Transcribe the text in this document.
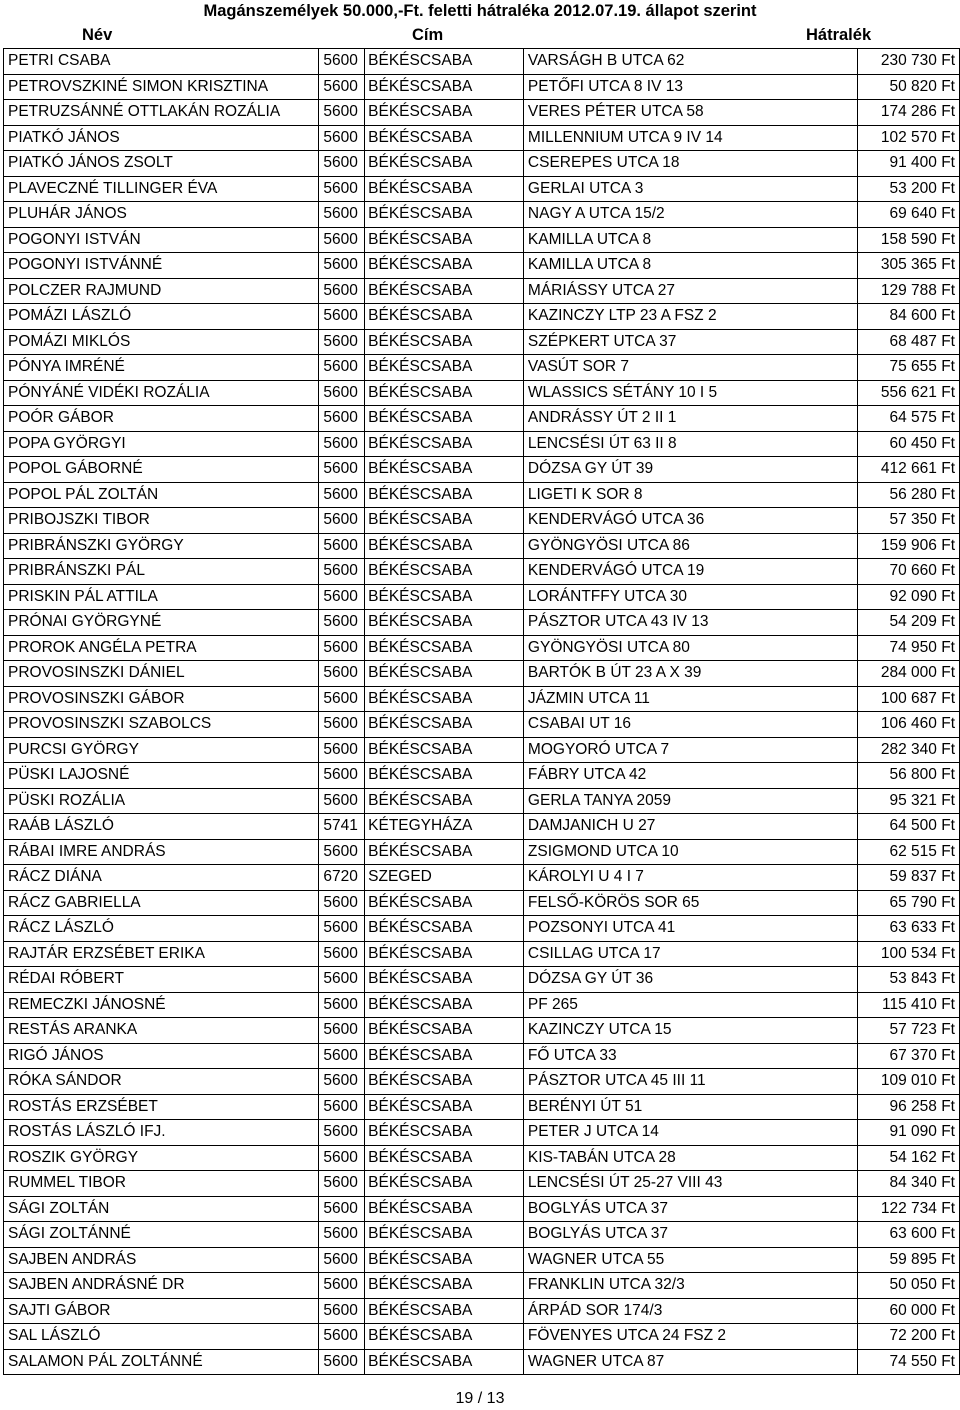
Magánszemélyek 50.000,-Ft. feletti hátraléka 2012.07.19. állapot szerint
Név	Cím	Hátralék
PETRI CSABA	5600	BÉKÉSCSABA	VARSÁGH B UTCA 62	230 730 Ft
PETROVSZKINÉ SIMON KRISZTINA	5600	BÉKÉSCSABA	PETŐFI UTCA 8 IV 13	50 820 Ft
PETRUZSÁNNÉ OTTLAKÁN ROZÁLIA	5600	BÉKÉSCSABA	VERES PÉTER UTCA 58	174 286 Ft
PIATKÓ JÁNOS	5600	BÉKÉSCSABA	MILLENNIUM UTCA 9 IV 14	102 570 Ft
PIATKÓ JÁNOS ZSOLT	5600	BÉKÉSCSABA	CSEREPES UTCA 18	91 400 Ft
PLAVECZNÉ TILLINGER ÉVA	5600	BÉKÉSCSABA	GERLAI UTCA 3	53 200 Ft
PLUHÁR JÁNOS	5600	BÉKÉSCSABA	NAGY A UTCA 15/2	69 640 Ft
POGONYI ISTVÁN	5600	BÉKÉSCSABA	KAMILLA UTCA 8	158 590 Ft
POGONYI ISTVÁNNÉ	5600	BÉKÉSCSABA	KAMILLA UTCA 8	305 365 Ft
POLCZER RAJMUND	5600	BÉKÉSCSABA	MÁRIÁSSY UTCA 27	129 788 Ft
POMÁZI LÁSZLÓ	5600	BÉKÉSCSABA	KAZINCZY LTP 23 A FSZ 2	84 600 Ft
POMÁZI MIKLÓS	5600	BÉKÉSCSABA	SZÉPKERT UTCA 37	68 487 Ft
PÓNYA IMRÉNÉ	5600	BÉKÉSCSABA	VASÚT SOR 7	75 655 Ft
PÓNYÁNÉ VIDÉKI ROZÁLIA	5600	BÉKÉSCSABA	WLASSICS SÉTÁNY 10 I 5	556 621 Ft
POÓR GÁBOR	5600	BÉKÉSCSABA	ANDRÁSSY ÚT 2 II 1	64 575 Ft
POPA GYÖRGYI	5600	BÉKÉSCSABA	LENCSÉSI ÚT 63 II 8	60 450 Ft
POPOL GÁBORNÉ	5600	BÉKÉSCSABA	DÓZSA GY ÚT 39	412 661 Ft
POPOL PÁL ZOLTÁN	5600	BÉKÉSCSABA	LIGETI K SOR 8	56 280 Ft
PRIBOJSZKI TIBOR	5600	BÉKÉSCSABA	KENDERVÁGÓ UTCA 36	57 350 Ft
PRIBRÁNSZKI GYÖRGY	5600	BÉKÉSCSABA	GYÖNGYÖSI UTCA 86	159 906 Ft
PRIBRÁNSZKI PÁL	5600	BÉKÉSCSABA	KENDERVÁGÓ UTCA 19	70 660 Ft
PRISKIN PÁL ATTILA	5600	BÉKÉSCSABA	LORÁNTFFY UTCA 30	92 090 Ft
PRÓNAI GYÖRGYNÉ	5600	BÉKÉSCSABA	PÁSZTOR UTCA 43 IV 13	54 209 Ft
PROROK ANGÉLA PETRA	5600	BÉKÉSCSABA	GYÖNGYÖSI UTCA 80	74 950 Ft
PROVOSINSZKI DÁNIEL	5600	BÉKÉSCSABA	BARTÓK B ÚT 23 A X 39	284 000 Ft
PROVOSINSZKI GÁBOR	5600	BÉKÉSCSABA	JÁZMIN UTCA 11	100 687 Ft
PROVOSINSZKI SZABOLCS	5600	BÉKÉSCSABA	CSABAI UT 16	106 460 Ft
PURCSI GYÖRGY	5600	BÉKÉSCSABA	MOGYORÓ UTCA 7	282 340 Ft
PÜSKI LAJOSNÉ	5600	BÉKÉSCSABA	FÁBRY UTCA 42	56 800 Ft
PÜSKI ROZÁLIA	5600	BÉKÉSCSABA	GERLA TANYA 2059	95 321 Ft
RAÁB LÁSZLÓ	5741	KÉTEGYHÁZA	DAMJANICH U 27	64 500 Ft
RÁBAI IMRE ANDRÁS	5600	BÉKÉSCSABA	ZSIGMOND UTCA 10	62 515 Ft
RÁCZ DIÁNA	6720	SZEGED	KÁROLYI U 4 I 7	59 837 Ft
RÁCZ GABRIELLA	5600	BÉKÉSCSABA	FELSŐ-KÖRÖS SOR 65	65 790 Ft
RÁCZ LÁSZLÓ	5600	BÉKÉSCSABA	POZSONYI UTCA 41	63 633 Ft
RAJTÁR ERZSÉBET ERIKA	5600	BÉKÉSCSABA	CSILLAG UTCA 17	100 534 Ft
RÉDAI RÓBERT	5600	BÉKÉSCSABA	DÓZSA GY ÚT 36	53 843 Ft
REMECZKI JÁNOSNÉ	5600	BÉKÉSCSABA	PF 265	115 410 Ft
RESTÁS ARANKA	5600	BÉKÉSCSABA	KAZINCZY UTCA 15	57 723 Ft
RIGÓ JÁNOS	5600	BÉKÉSCSABA	FŐ UTCA 33	67 370 Ft
RÓKA SÁNDOR	5600	BÉKÉSCSABA	PÁSZTOR UTCA 45 III 11	109 010 Ft
ROSTÁS ERZSÉBET	5600	BÉKÉSCSABA	BERÉNYI ÚT 51	96 258 Ft
ROSTÁS LÁSZLÓ IFJ.	5600	BÉKÉSCSABA	PETER J UTCA 14	91 090 Ft
ROSZIK GYÖRGY	5600	BÉKÉSCSABA	KIS-TABÁN UTCA 28	54 162 Ft
RUMMEL TIBOR	5600	BÉKÉSCSABA	LENCSÉSI ÚT 25-27 VIII 43	84 340 Ft
SÁGI ZOLTÁN	5600	BÉKÉSCSABA	BOGLYÁS UTCA 37	122 734 Ft
SÁGI ZOLTÁNNÉ	5600	BÉKÉSCSABA	BOGLYÁS UTCA 37	63 600 Ft
SAJBEN ANDRÁS	5600	BÉKÉSCSABA	WAGNER UTCA 55	59 895 Ft
SAJBEN ANDRÁSNÉ DR	5600	BÉKÉSCSABA	FRANKLIN UTCA 32/3	50 050 Ft
SAJTI GÁBOR	5600	BÉKÉSCSABA	ÁRPÁD SOR 174/3	60 000 Ft
SAL LÁSZLÓ	5600	BÉKÉSCSABA	FÖVENYES UTCA 24 FSZ 2	72 200 Ft
SALAMON PÁL ZOLTÁNNÉ	5600	BÉKÉSCSABA	WAGNER UTCA 87	74 550 Ft
19 / 13
